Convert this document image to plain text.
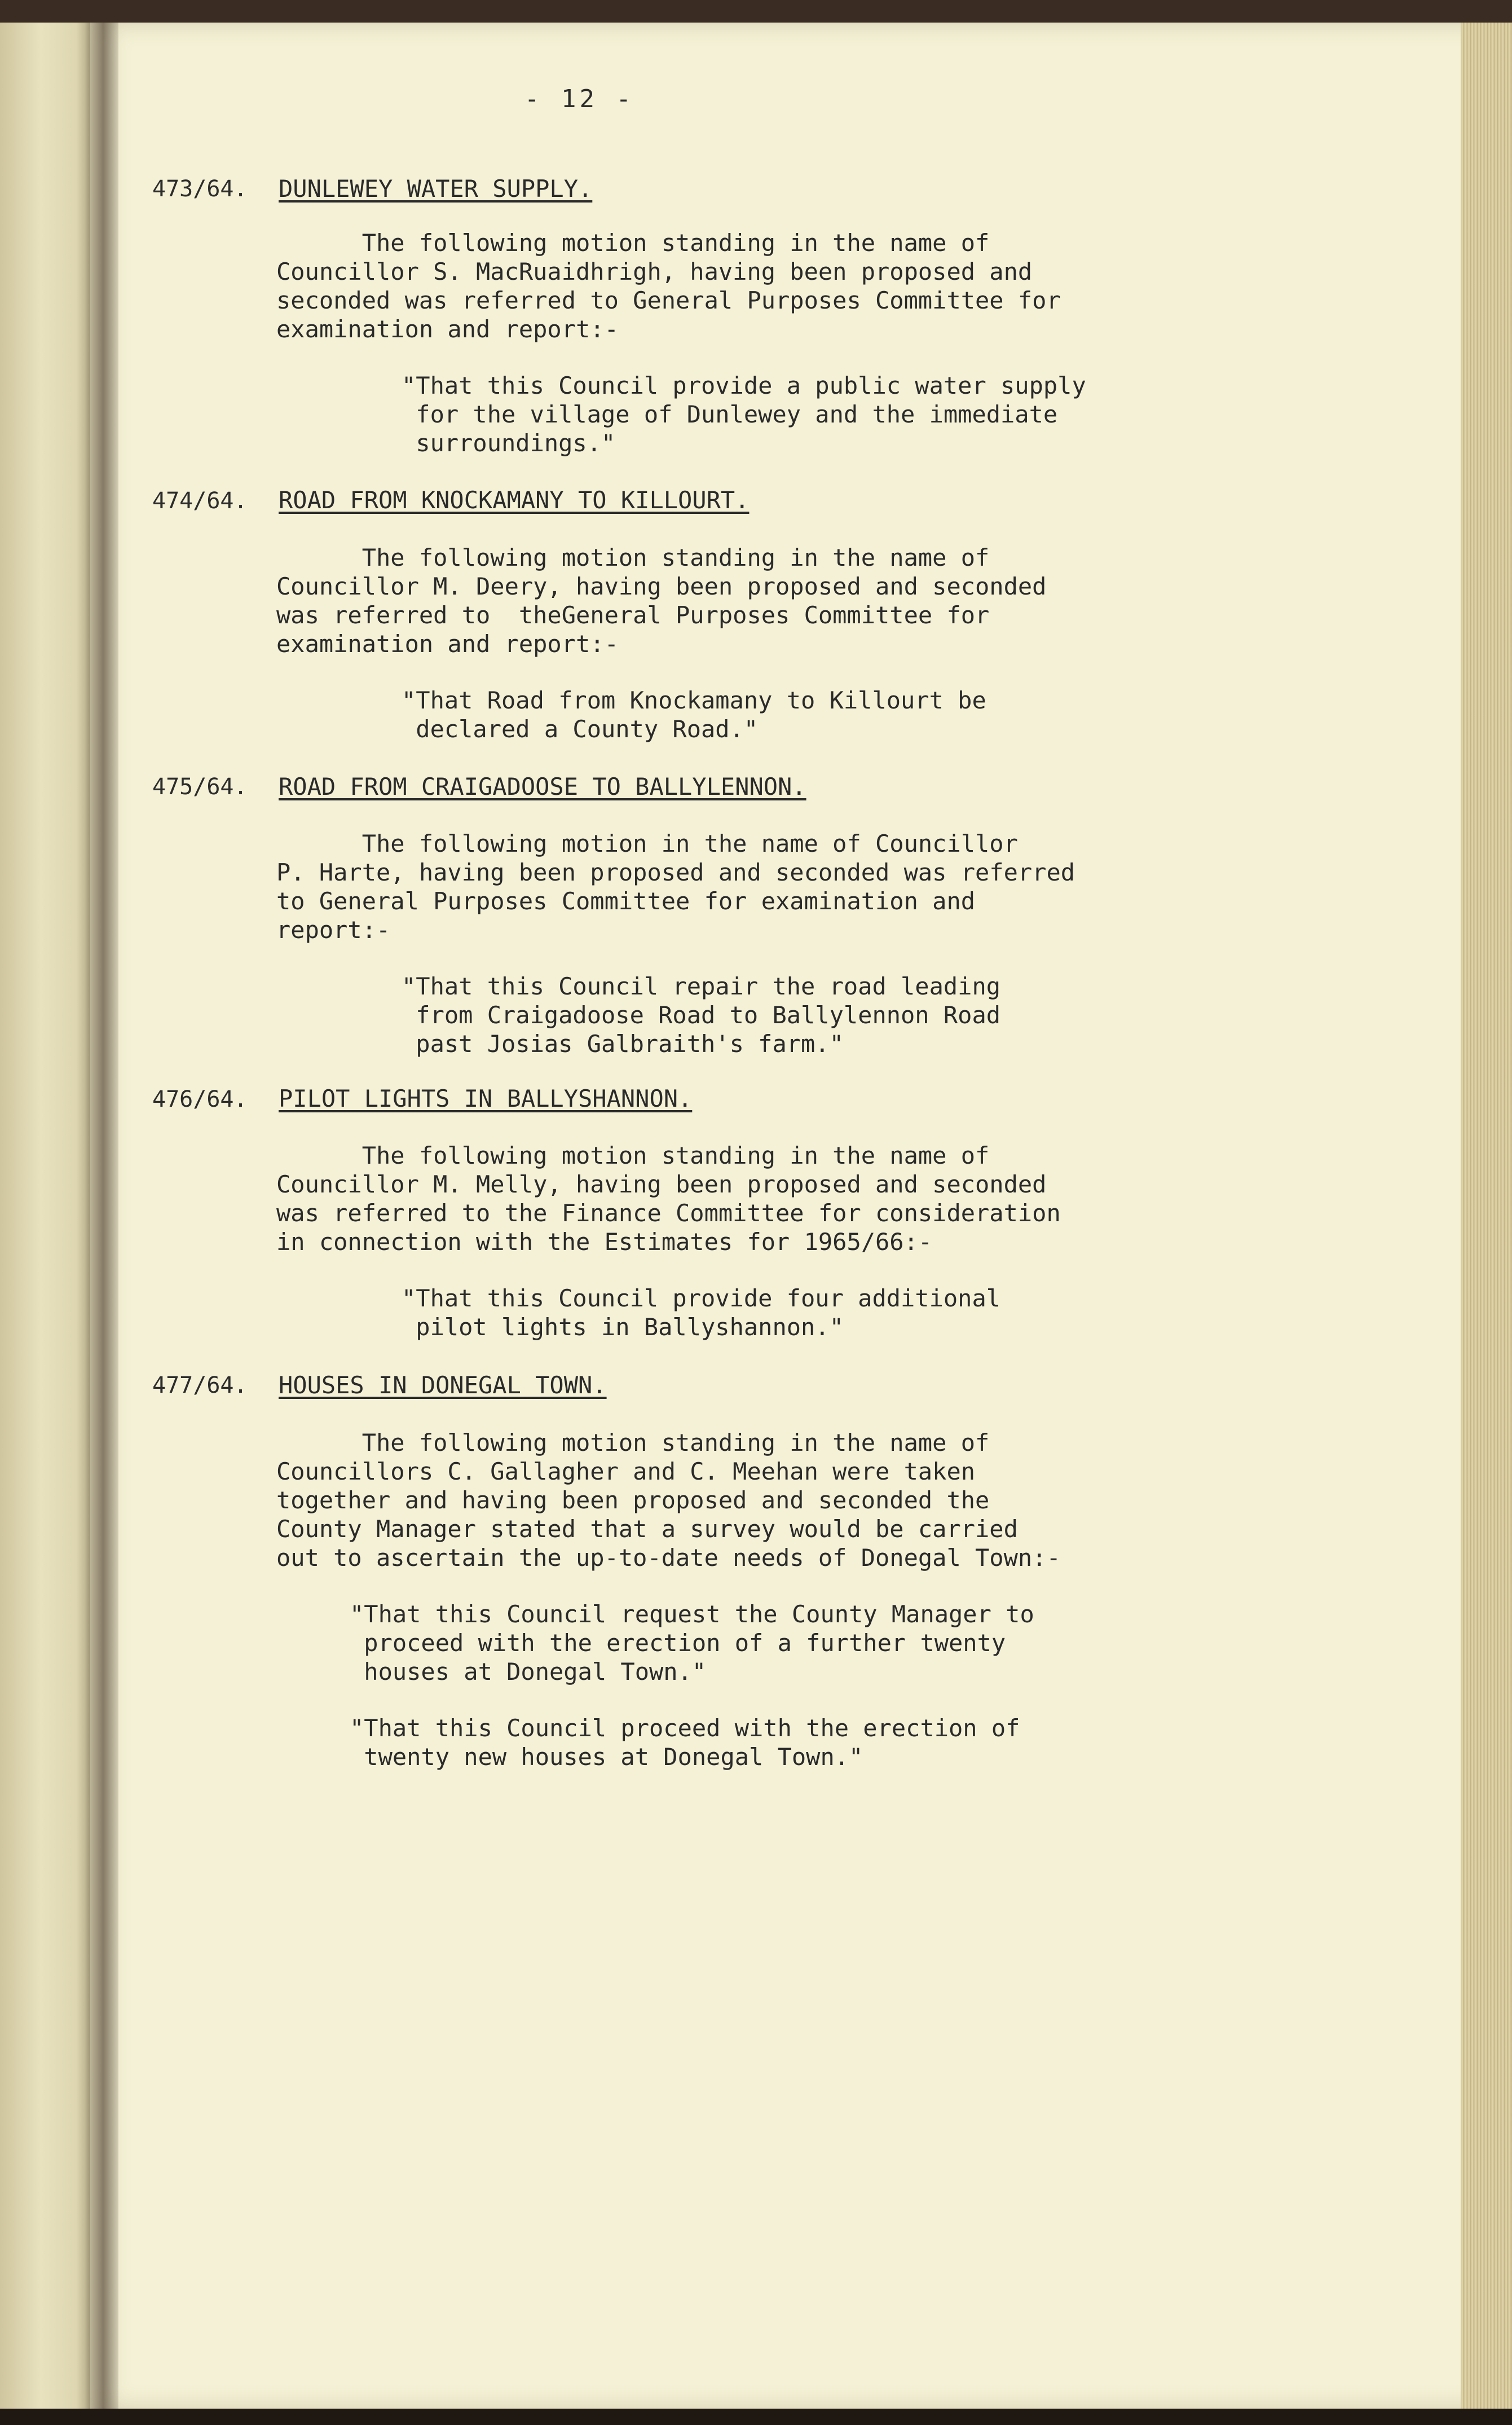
- 12 -
473/64. DUNLEWEY WATER SUPPLY.
The following motion standing in the name of
Councillor S. MacRuaidhrigh, having been proposed and
seconded was referred to General Purposes Committee for
examination and report:-
"That this Council provide a public water supply
for the village of Dunlewey and the immediate
surroundings."
474/64. ROAD FROM KNOCKAMANY TO KILLOURT.
The following motion standing in the name of
Councillor M. Deery, having been proposed and seconded
was referred to  theGeneral Purposes Committee for
examination and report:-
"That Road from Knockamany to Killourt be
declared a County Road."
475/64. ROAD FROM CRAIGADOOSE TO BALLYLENNON.
The following motion in the name of Councillor
P. Harte, having been proposed and seconded was referred
to General Purposes Committee for examination and
report:-
"That this Council repair the road leading
from Craigadoose Road to Ballylennon Road
past Josias Galbraith's farm."
476/64. PILOT LIGHTS IN BALLYSHANNON.
The following motion standing in the name of
Councillor M. Melly, having been proposed and seconded
was referred to the Finance Committee for consideration
in connection with the Estimates for 1965/66:-
"That this Council provide four additional
pilot lights in Ballyshannon."
477/64. HOUSES IN DONEGAL TOWN.
The following motion standing in the name of
Councillors C. Gallagher and C. Meehan were taken
together and having been proposed and seconded the
County Manager stated that a survey would be carried
out to ascertain the up-to-date needs of Donegal Town:-
"That this Council request the County Manager to
proceed with the erection of a further twenty
houses at Donegal Town."
"That this Council proceed with the erection of
twenty new houses at Donegal Town."
